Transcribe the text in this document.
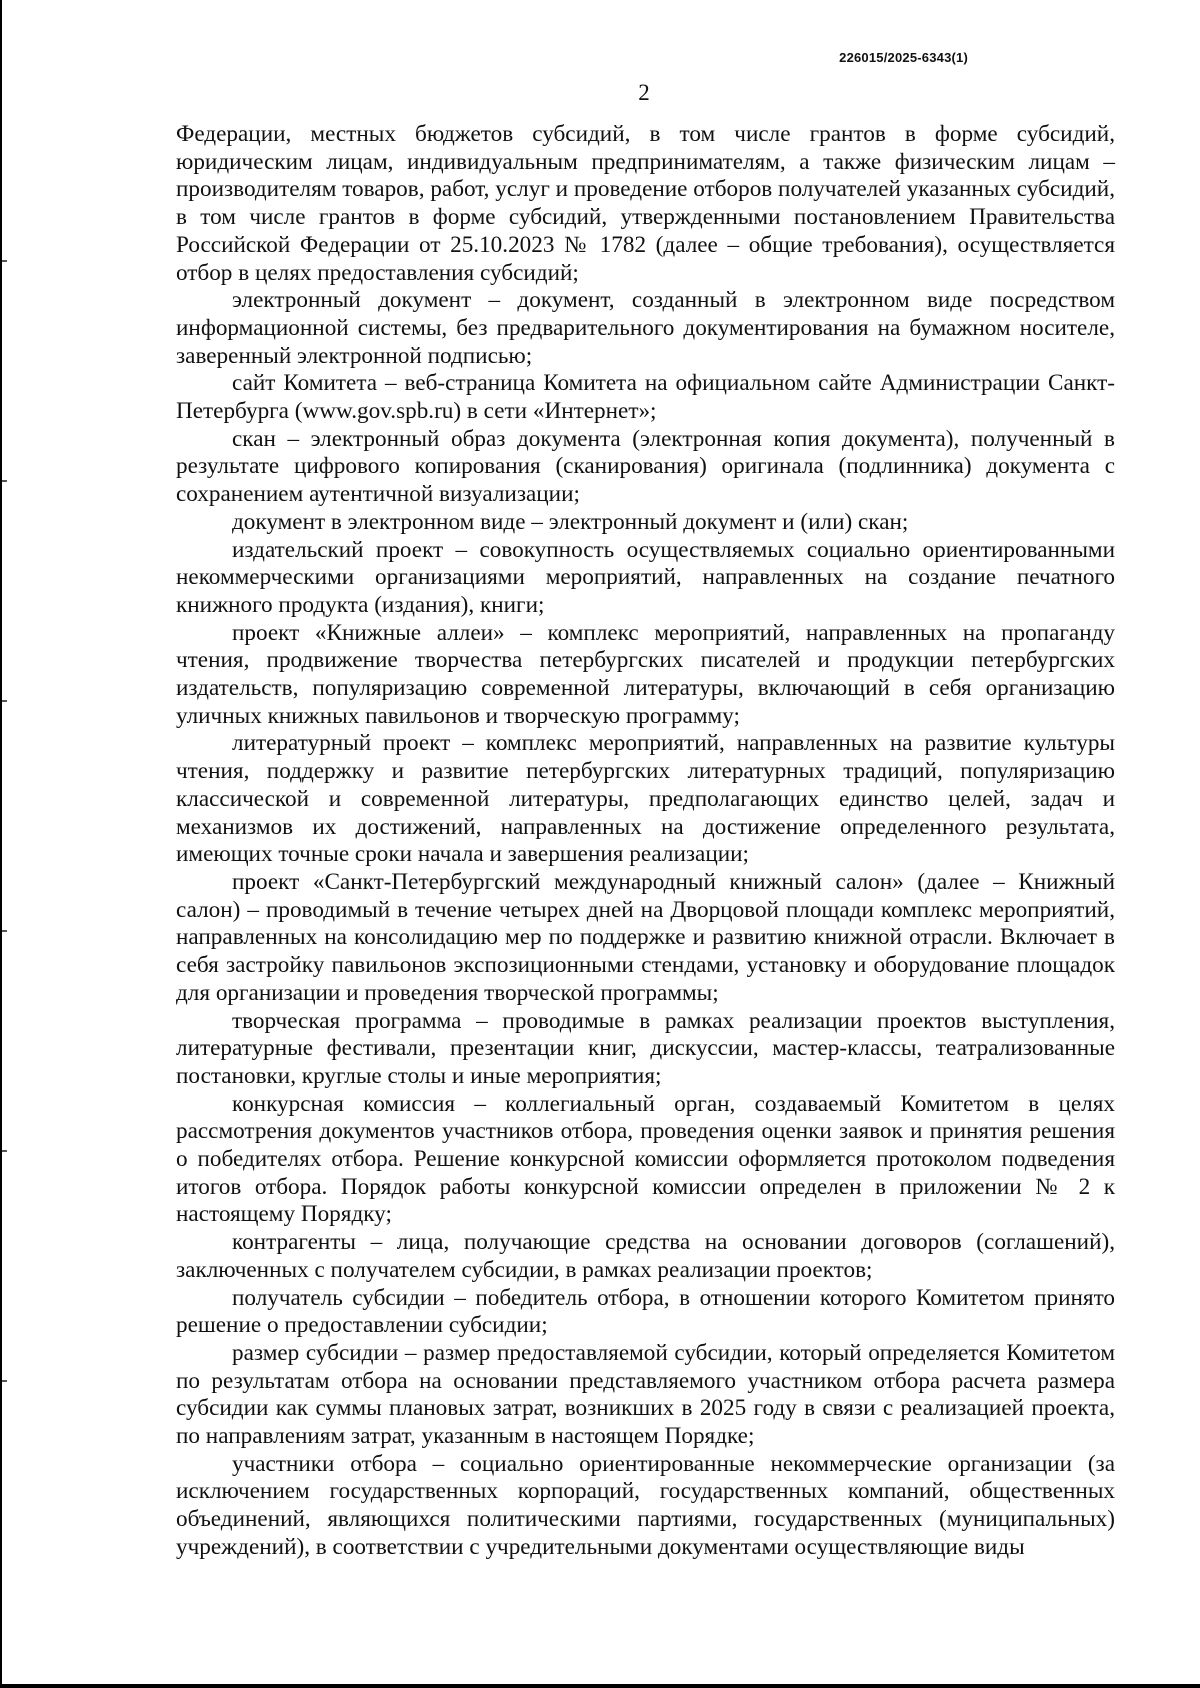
226015/2025-6343(1)
2

Федерации, местных бюджетов субсидий, в том числе грантов в форме субсидий, юридическим лицам, индивидуальным предпринимателям, а также физическим лицам – производителям товаров, работ, услуг и проведение отборов получателей указанных субсидий, в том числе грантов в форме субсидий, утвержденными постановлением Правительства Российской Федерации от 25.10.2023 № 1782 (далее – общие требования), осуществляется отбор в целях предоставления субсидий;

электронный документ – документ, созданный в электронном виде посредством информационной системы, без предварительного документирования на бумажном носителе, заверенный электронной подписью;

сайт Комитета – веб-страница Комитета на официальном сайте Администрации Санкт-Петербурга (www.gov.spb.ru) в сети «Интернет»;

скан – электронный образ документа (электронная копия документа), полученный в результате цифрового копирования (сканирования) оригинала (подлинника) документа с сохранением аутентичной визуализации;

документ в электронном виде – электронный документ и (или) скан;

издательский проект – совокупность осуществляемых социально ориентированными некоммерческими организациями мероприятий, направленных на создание печатного книжного продукта (издания), книги;

проект «Книжные аллеи» – комплекс мероприятий, направленных на пропаганду чтения, продвижение творчества петербургских писателей и продукции петербургских издательств, популяризацию современной литературы, включающий в себя организацию уличных книжных павильонов и творческую программу;

литературный проект – комплекс мероприятий, направленных на развитие культуры чтения, поддержку и развитие петербургских литературных традиций, популяризацию классической и современной литературы, предполагающих единство целей, задач и механизмов их достижений, направленных на достижение определенного результата, имеющих точные сроки начала и завершения реализации;

проект «Санкт-Петербургский международный книжный салон» (далее – Книжный салон) – проводимый в течение четырех дней на Дворцовой площади комплекс мероприятий, направленных на консолидацию мер по поддержке и развитию книжной отрасли. Включает в себя застройку павильонов экспозиционными стендами, установку и оборудование площадок для организации и проведения творческой программы;

творческая программа – проводимые в рамках реализации проектов выступления, литературные фестивали, презентации книг, дискуссии, мастер-классы, театрализованные постановки, круглые столы и иные мероприятия;

конкурсная комиссия – коллегиальный орган, создаваемый Комитетом в целях рассмотрения документов участников отбора, проведения оценки заявок и принятия решения о победителях отбора. Решение конкурсной комиссии оформляется протоколом подведения итогов отбора. Порядок работы конкурсной комиссии определен в приложении № 2 к настоящему Порядку;

контрагенты – лица, получающие средства на основании договоров (соглашений), заключенных с получателем субсидии, в рамках реализации проектов;

получатель субсидии – победитель отбора, в отношении которого Комитетом принято решение о предоставлении субсидии;

размер субсидии – размер предоставляемой субсидии, который определяется Комитетом по результатам отбора на основании представляемого участником отбора расчета размера субсидии как суммы плановых затрат, возникших в 2025 году в связи с реализацией проекта, по направлениям затрат, указанным в настоящем Порядке;

участники отбора – социально ориентированные некоммерческие организации (за исключением государственных корпораций, государственных компаний, общественных объединений, являющихся политическими партиями, государственных (муниципальных) учреждений), в соответствии с учредительными документами осуществляющие виды
